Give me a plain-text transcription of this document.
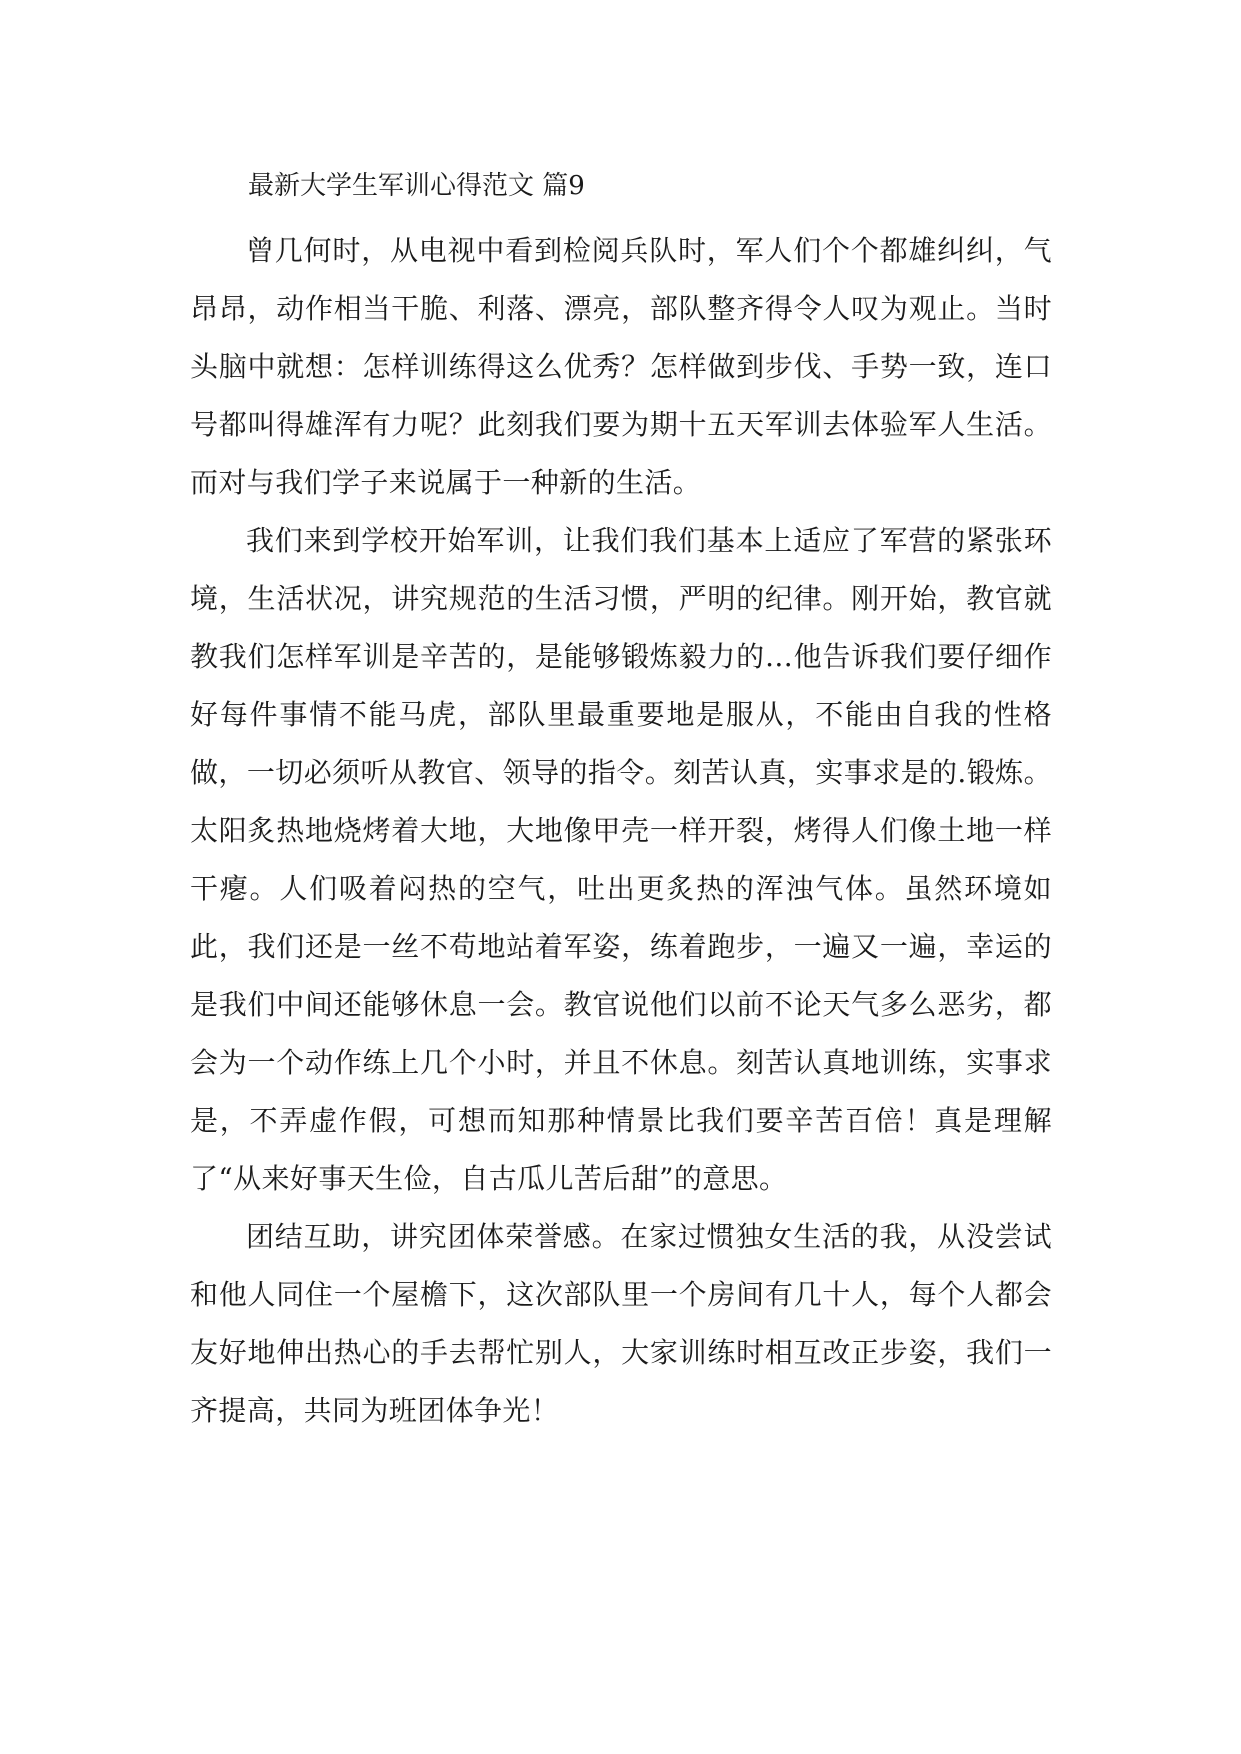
最新大学生军训心得范文 篇9

曾几何时，从电视中看到检阅兵队时，军人们个个都雄纠纠，气昂昂，动作相当干脆、利落、漂亮，部队整齐得令人叹为观止。当时头脑中就想：怎样训练得这么优秀？怎样做到步伐、手势一致，连口号都叫得雄浑有力呢？此刻我们要为期十五天军训去体验军人生活。而对与我们学子来说属于一种新的生活。

我们来到学校开始军训，让我们我们基本上适应了军营的紧张环境，生活状况，讲究规范的生活习惯，严明的纪律。刚开始，教官就教我们怎样军训是辛苦的，是能够锻炼毅力的…他告诉我们要仔细作好每件事情不能马虎，部队里最重要地是服从，不能由自我的性格做，一切必须听从教官、领导的指令。刻苦认真，实事求是的.锻炼。太阳炙热地烧烤着大地，大地像甲壳一样开裂，烤得人们像土地一样干瘪。人们吸着闷热的空气，吐出更炙热的浑浊气体。虽然环境如此，我们还是一丝不苟地站着军姿，练着跑步，一遍又一遍，幸运的是我们中间还能够休息一会。教官说他们以前不论天气多么恶劣，都会为一个动作练上几个小时，并且不休息。刻苦认真地训练，实事求是，不弄虚作假，可想而知那种情景比我们要辛苦百倍！真是理解了“从来好事天生俭，自古瓜儿苦后甜”的意思。

团结互助，讲究团体荣誉感。在家过惯独女生活的我，从没尝试和他人同住一个屋檐下，这次部队里一个房间有几十人，每个人都会友好地伸出热心的手去帮忙别人，大家训练时相互改正步姿，我们一齐提高，共同为班团体争光！
